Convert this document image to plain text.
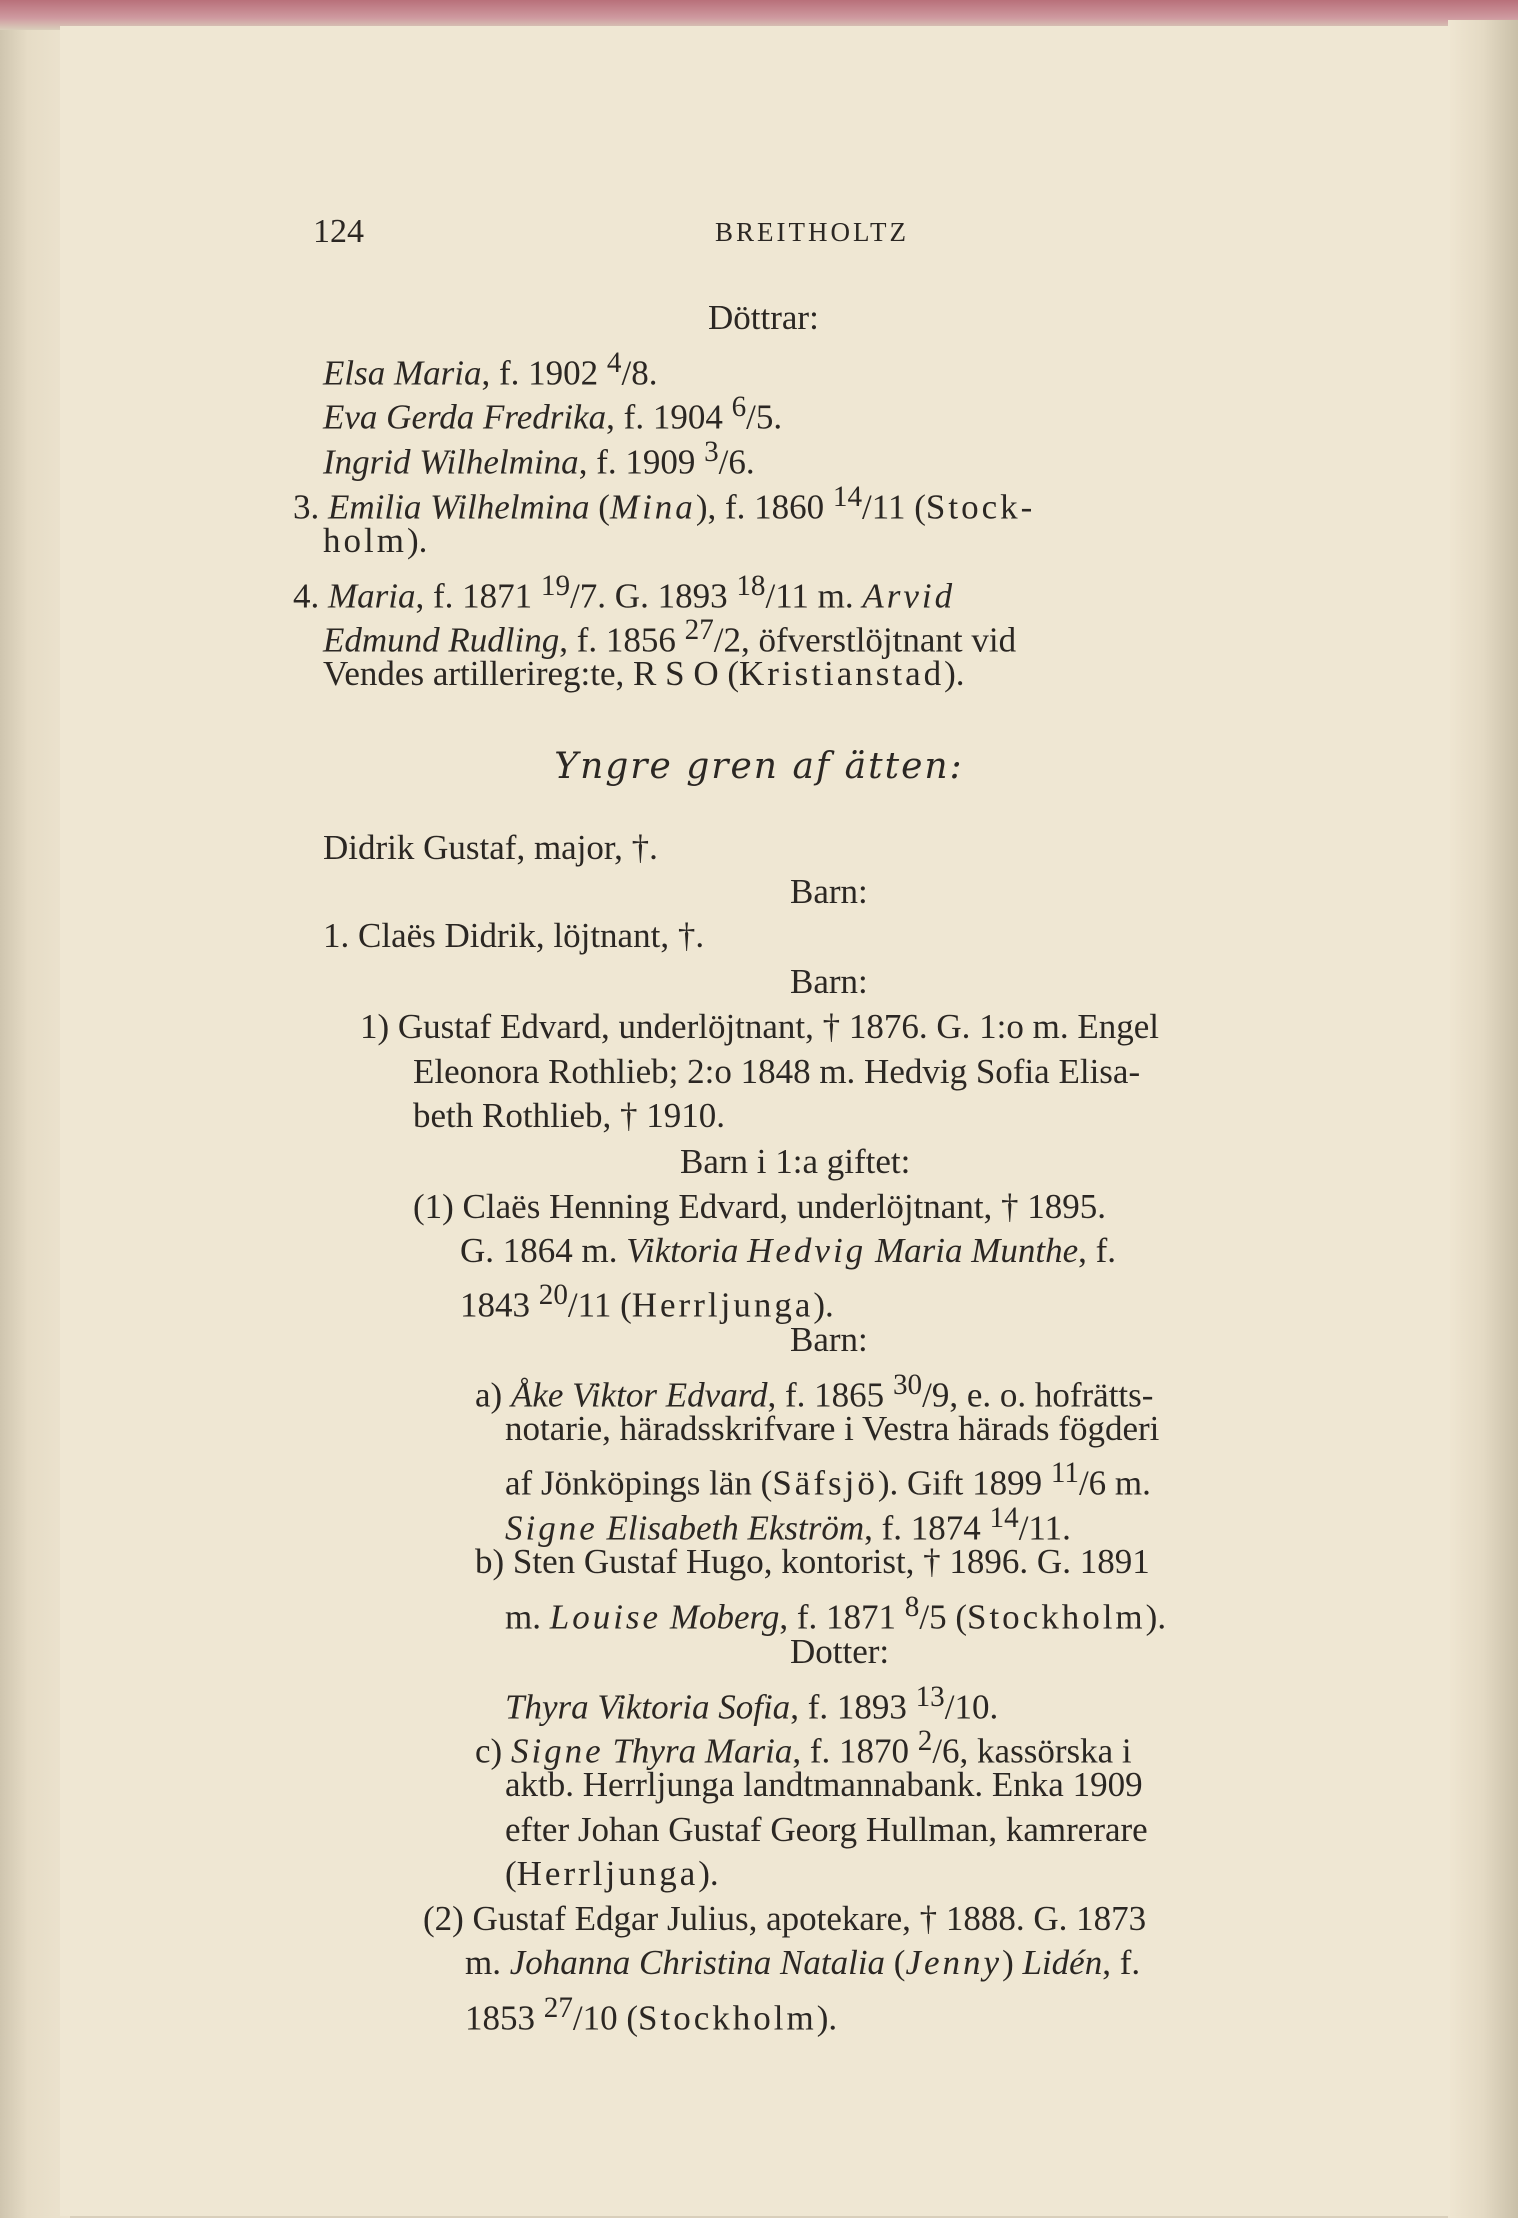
124	BREITHOLTZ
Yngre gren af ätten:
Döttrar:
Elsa Maria, f. 1902 $^4$/8.
Eva Gerda Fredrika, f. 1904 $^6$/5.
Ingrid Wilhelmina, f. 1909 $^3$/6.
3. Emilia Wilhelmina (Mina), f. 1860 $^{14}$/11 (Stock-
holm).
4. Maria, f. 1871 $^{19}$/7. G. 1893 $^{18}$/11 m. Arvid
Edmund Rudling, f. 1856 $^{27}$/2, öfverstlöjtnant vid
Vendes artillerireg:te, R S O (Kristianstad).
Didrik Gustaf, major, †.
Barn:
1. Claës Didrik, löjtnant, †.
Barn:
1) Gustaf Edvard, underlöjtnant, † 1876. G. 1:o m. Engel
Eleonora Rothlieb; 2:o 1848 m. Hedvig Sofia Elisa-
beth Rothlieb, † 1910.
Barn i 1:a giftet:
(1) Claës Henning Edvard, underlöjtnant, † 1895.
G. 1864 m. Viktoria Hedvig Maria Munthe, f.
1843 $^{20}$/11 (Herrljunga).
Barn:
a) Åke Viktor Edvard, f. 1865 $^{30}$/9, e. o. hofrätts-
notarie, häradsskrifvare i Vestra härads fögderi
af Jönköpings län (Säfsjö). Gift 1899 $^{11}$/6 m.
Signe Elisabeth Ekström, f. 1874 $^{14}$/11.
b) Sten Gustaf Hugo, kontorist, † 1896. G. 1891
m. Louise Moberg, f. 1871 $^8$/5 (Stockholm).
Dotter:
Thyra Viktoria Sofia, f. 1893 $^{13}$/10.
c) Signe Thyra Maria, f. 1870 $^2$/6, kassörska i
aktb. Herrljunga landtmannabank. Enka 1909
efter Johan Gustaf Georg Hullman, kamrerare
(Herrljunga).
(2) Gustaf Edgar Julius, apotekare, † 1888. G. 1873
m. Johanna Christina Natalia (Jenny) Lidén, f.
1853 $^{27}$/10 (Stockholm).
